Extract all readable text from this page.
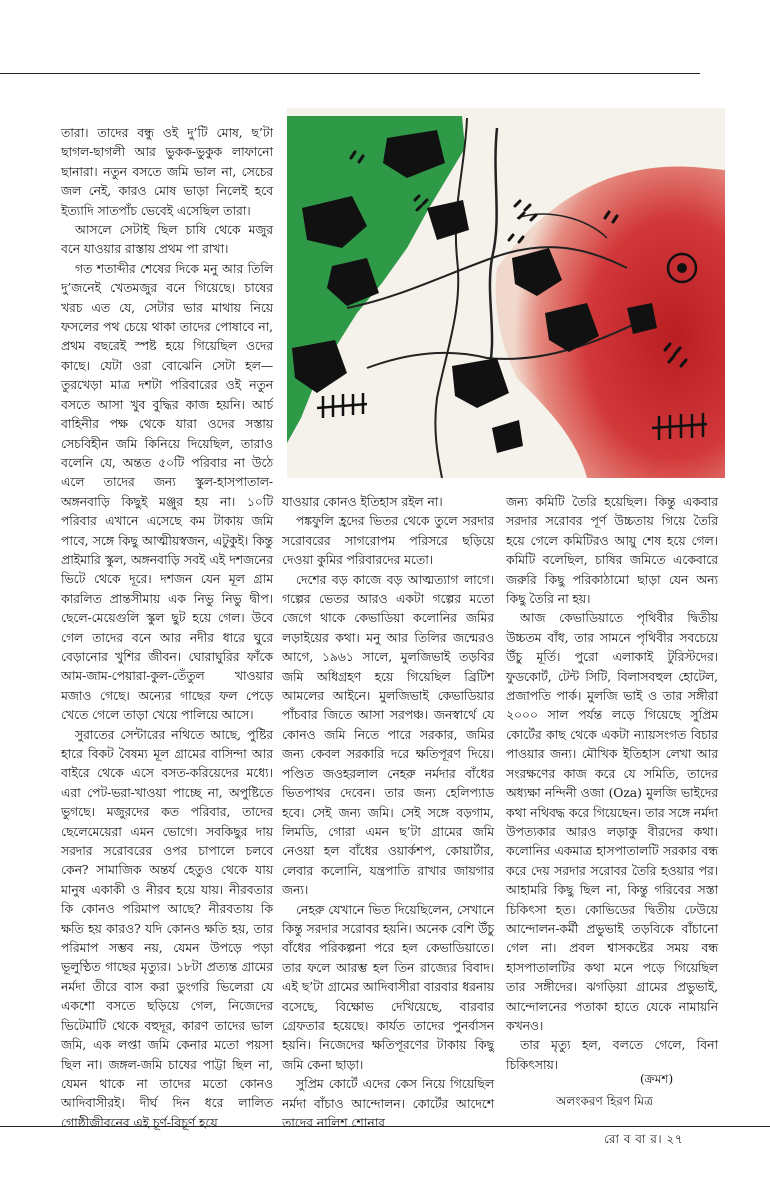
তারা। তাদের বন্ধু ওই দু’টি মোষ, ছ’টা ছাগল-ছাগলী আর ভুকক-ভুকুক লাফানো ছানারা। নতুন বসতে জমি ভাল না, সেচের জল নেই, কারও মোষ ভাড়া নিলেই হবে ইত্যাদি সাতপাঁচ ভেবেই এসেছিল তারা।

আসলে সেটাই ছিল চাষি থেকে মজুর বনে যাওয়ার রাস্তায় প্রথম পা রাখা।

গত শতাব্দীর শেষের দিকে মনু আর তিলি দু’জনেই খেতমজুর বনে গিয়েছে। চাষের খরচ এত যে, সেটার ভার মাথায় নিয়ে ফসলের পথ চেয়ে থাকা তাদের পোষাবে না, প্রথম বছরেই স্পষ্ট হয়ে গিয়েছিল ওদের কাছে। যেটা ওরা বোঝেনি সেটা হল— তুরখেড়া মাত্র দশটা পরিবারের ওই নতুন বসতে আসা খুব বুদ্ধির কাজ হয়নি। আর্চ বাহিনীর পক্ষ থেকে যারা ওদের সস্তায় সেচবিহীন জমি কিনিয়ে দিয়েছিল, তারাও বলেনি যে, অন্তত ৫০টি পরিবার না উঠে এলে তাদের জন্য স্কুল-হাসপাতাল-অঙ্গনবাড়ি কিছুই মঞ্জুর হয় না। ১০টি পরিবার এখানে এসেছে কম টাকায় জমি পাবে, সঙ্গে কিছু আত্মীয়স্বজন, এটুকুই। কিন্তু প্রাইমারি স্কুল, অঙ্গনবাড়ি সবই এই দশজনের ভিটে থেকে দূরে। দশজন যেন মূল গ্রাম কারলিত প্রান্তসীমায় এক নিভু নিভু দ্বীপ। ছেলে-মেয়েগুলি স্কুল ছুট হয়ে গেল। উবে গেল তাদের বনে আর নদীর ধারে ঘুরে বেড়ানোর খুশির জীবন। ঘোরাঘুরির ফাঁকে আম-জাম-পেয়ারা-কুল-তেঁতুল খাওয়ার মজাও গেছে। অন্যের গাছের ফল পেড়ে খেতে গেলে তাড়া খেয়ে পালিয়ে আসে।

সুরাতের সেন্টারের নথিতে আছে, পুষ্টির হারে বিকট বৈষম্য মূল গ্রামের বাসিন্দা আর বাইরে থেকে এসে বসত-করিয়েদের মধ্যে। এরা পেট-ভরা-খাওয়া পাচ্ছে না, অপুষ্টিতে ভুগছে। মজুরদের কত পরিবার, তাদের ছেলেমেয়েরা এমন ভোগে। সবকিছুর দায় সরদার সরোবরের ওপর চাপালে চলবে কেন? সামাজিক অন্তর্য হেতুও থেকে যায় মানুষ একাকী ও নীরব হয়ে যায়। নীরবতার কি কোনও পরিমাপ আছে? নীরবতায় কি ক্ষতি হয় কারও? যদি কোনও ক্ষতি হয়, তার পরিমাপ সম্ভব নয়, যেমন উপড়ে পড়া ভূলুণ্ঠিত গাছের মৃত্যুর। ১৮টা প্রত্যন্ত গ্রামের নর্মদা তীরে বাস করা ডুংগরি ভিলেরা যে একশো বসতে ছড়িয়ে গেল, নিজেদের ভিটেমাটি থেকে বহুদূর, কারণ তাদের ভাল জমি, এক লপ্তা জমি কেনার মতো পয়সা ছিল না। জঙ্গল-জমি চাষের পাট্টা ছিল না, যেমন থাকে না তাদের মতো কোনও আদিবাসীরই। দীর্ঘ দিন ধরে লালিত গোষ্ঠীজীবনের এই চূর্ণ-বিচূর্ণ হয়ে

যাওয়ার কোনও ইতিহাস রইল না।

পঙ্কফুলি হ্রদের ভিতর থেকে তুলে সরদার সরোবরের সাগরোপম পরিসরে ছড়িয়ে দেওয়া কুমির পরিবারদের মতো।

দেশের বড় কাজে বড় আত্মত্যাগ লাগে। গল্পের ভেতর আরও একটা গল্পের মতো জেগে থাকে কেভাডিয়া কলোনির জমির লড়াইয়ের কথা। মনু আর তিলির জন্মেরও আগে, ১৯৬১ সালে, মুলজিভাই তড়বির জমি অধিগ্রহণ হয়ে গিয়েছিল ব্রিটিশ আমলের আইনে। মুলজিভাই কেভাডিয়ার পাঁচবার জিতে আসা সরপঞ্চ। জনস্বার্থে যে কোনও জমি নিতে পারে সরকার, জমির জন্য কেবল সরকারি দরে ক্ষতিপূরণ দিয়ে। পণ্ডিত জওহরলাল নেহরু নর্মদার বাঁধের ভিতপাথর দেবেন। তার জন্য হেলিপ্যাড হবে। সেই জন্য জমি। সেই সঙ্গে বড়গাম, লিমডি, গোরা এমন ছ’টা গ্রামের জমি নেওয়া হল বাঁধের ওয়ার্কশপ, কোয়ার্টার, লেবার কলোনি, যন্ত্রপাতি রাখার জায়গার জন্য।

নেহরু যেখানে ভিত দিয়েছিলেন, সেখানে কিন্তু সরদার সরোবর হয়নি। অনেক বেশি উঁচু বাঁধের পরিকল্পনা পরে হল কেভাডিয়াতে। তার ফলে আরম্ভ হল তিন রাজ্যের বিবাদ। এই ছ’টা গ্রামের আদিবাসীরা বারবার ধরনায় বসেছে, বিক্ষোভ দেখিয়েছে, বারবার গ্রেফতার হয়েছে। কার্যত তাদের পুনর্বাসন হয়নি। নিজেদের ক্ষতিপূরণের টাকায় কিছু জমি কেনা ছাড়া।

সুপ্রিম কোর্টে এদের কেস নিয়ে গিয়েছিল নর্মদা বাঁচাও আন্দোলন। কোর্টের আদেশে তাদের নালিশ শোনার

জন্য কমিটি তৈরি হয়েছিল। কিন্তু একবার সরদার সরোবর পূর্ণ উচ্চতায় গিয়ে তৈরি হয়ে গেলে কমিটিরও আয়ু শেষ হয়ে গেল। কমিটি বলেছিল, চাষির জমিতে একেবারে জরুরি কিছু পরিকাঠামো ছাড়া যেন অন্য কিছু তৈরি না হয়।

আজ কেভাডিয়াতে পৃথিবীর দ্বিতীয় উচ্চতম বাঁধ, তার সামনে পৃথিবীর সবচেয়ে উঁচু মূর্তি। পুরো এলাকাই টুরিস্টদের। ফুডকোর্ট, টেন্ট সিটি, বিলাসবহুল হোটেল, প্রজাপতি পার্ক। মুলজি ভাই ও তার সঙ্গীরা ২০০০ সাল পর্যন্ত লড়ে গিয়েছে সুপ্রিম কোর্টের কাছ থেকে একটা ন্যায়সংগত বিচার পাওয়ার জন্য। মৌখিক ইতিহাস লেখা আর সংরক্ষণের কাজ করে যে সমিতি, তাদের অধ্যক্ষা নন্দিনী ওজা (Oza) মুলজি ভাইদের কথা নথিবদ্ধ করে গিয়েছেন। তার সঙ্গে নর্মদা উপত্যকার আরও লড়াকু বীরদের কথা। কলোনির একমাত্র হাসপাতালটি সরকার বন্ধ করে দেয় সরদার সরোবর তৈরি হওয়ার পর। আহামরি কিছু ছিল না, কিন্তু গরিবের সস্তা চিকিৎসা হত। কোভিডের দ্বিতীয় ঢেউয়ে আন্দোলন-কর্মী প্রভুভাই তড়বিকে বাঁচানো গেল না। প্রবল শ্বাসকষ্টের সময় বন্ধ হাসপাতালটির কথা মনে পড়ে গিয়েছিল তার সঙ্গীদের। ঝগড়িয়া গ্রামের প্রভুভাই, আন্দোলনের পতাকা হাতে যেকে নামায়নি কখনও।

তার মৃত্যু হল, বলতে গেলে, বিনা চিকিৎসায়।

(ক্রমশ)
অলংকরণ হিরণ মিত্র
রো ব বা র। ২৭
